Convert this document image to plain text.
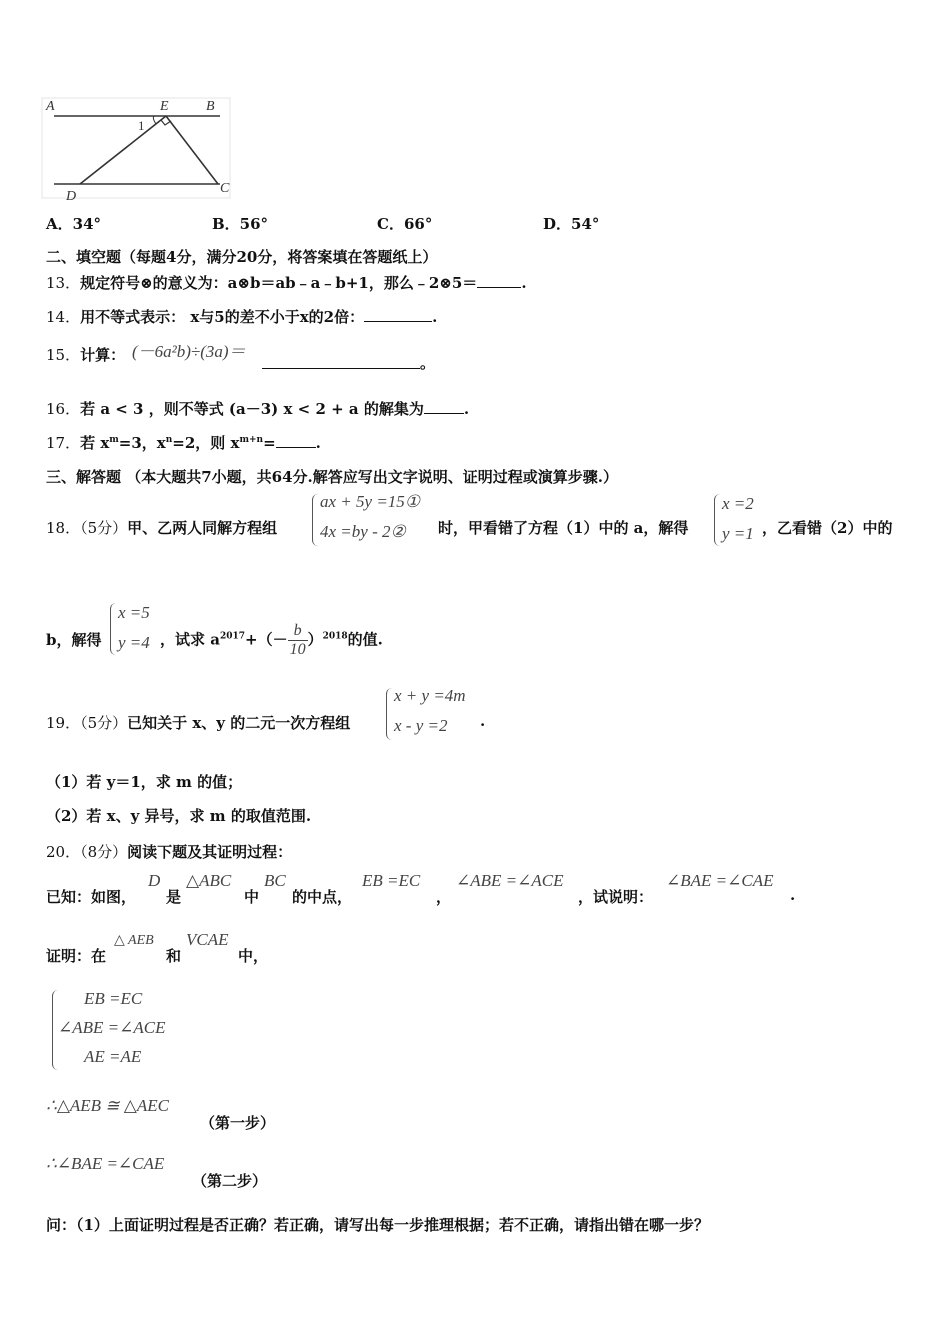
A	E	B
1
D
C
A．34°	B．56°	C．66°	D．54°
二、填空题（每题4分，满分20分，将答案填在答题纸上）
13．规定符号⊗的意义为：a⊗b＝ab﹣a﹣b+1，那么﹣2⊗5＝	.
14．用不等式表示： x与5的差不小于x的2倍：	.
15．计算： (－6a²b)÷(3a)＝
。
16．若 a < 3 ，则不等式 (a－3) x < 2 + a 的解集为	.
17．若 $x^m=3$，$x^n=2$，则 $x^{m+n}=$	.
三、解答题 （本大题共7小题，共64分.解答应写出文字说明、证明过程或演算步骤.）
18．（5分）甲、乙两人同解方程组
ax + 5y =15①
4x =by - 2② 时，甲看错了方程（1）中的 a，解得
x =2
y =1 ，乙看错（2）中的
b，解得
x =5
y =4 ，试求 $a^{2017}+(- \frac{b}{10} )^{2018}$的值.
19．（5分）已知关于 x、y 的二元一次方程组
x + y =4m
x - y =2 .
（1）若 y＝1，求 m 的值；
（2）若 x、y 异号，求 m 的取值范围.
20．（8分）阅读下题及其证明过程：
已知：如图，
D
是
△ABC
中
BC
的中点，
EB =EC
，
∠ABE =∠ACE
，试说明：
∠BAE =∠CAE
.
证明：在
△ AEB
和
VCAE
中，
EB =EC
∠ABE =∠ACE
AE =AE
∴△AEB ≅ △AEC
（第一步）
∴∠BAE =∠CAE
（第二步）
问：（1）上面证明过程是否正确？若正确，请写出每一步推理根据；若不正确，请指出错在哪一步？
